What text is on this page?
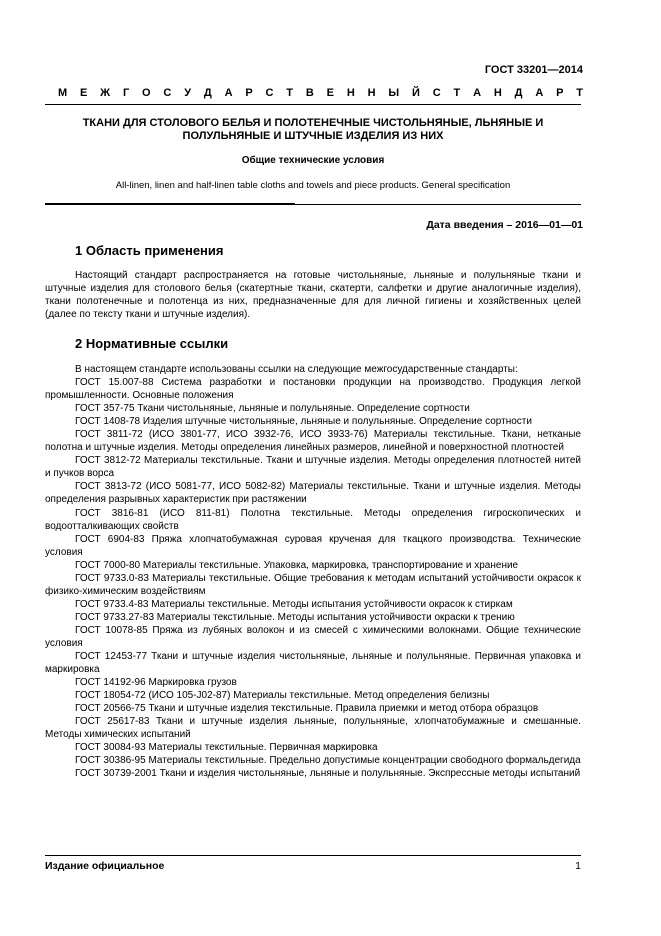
ГОСТ 33201—2014
М Е Ж Г О С У Д А Р С Т В Е Н Н Ы Й С Т А Н Д А Р Т
ТКАНИ ДЛЯ СТОЛОВОГО БЕЛЬЯ И ПОЛОТЕНЕЧНЫЕ ЧИСТОЛЬНЯНЫЕ, ЛЬНЯНЫЕ И
ПОЛУЛЬНЯНЫЕ И ШТУЧНЫЕ ИЗДЕЛИЯ ИЗ НИХ
Общие технические условия
All-linen, linen and half-linen table cloths and towels and piece products. General specification
Дата введения – 2016—01—01
1 Область применения
Настоящий стандарт распространяется на готовые чистольняные, льняные и полульняные ткани и штучные изделия для столового белья (скатертные ткани, скатерти, салфетки и другие аналогичные изделия), ткани полотенечные и полотенца из них, предназначенные для для личной гигиены и хозяйственных целей (далее по тексту ткани и штучные изделия).
2 Нормативные ссылки

В настоящем стандарте использованы ссылки на следующие межгосударственные стандарты:

ГОСТ 15.007-88 Система разработки и постановки продукции на производство. Продукция легкой промышленности. Основные положения

ГОСТ 357-75 Ткани чистольняные, льняные и полульняные. Определение сортности

ГОСТ 1408-78 Изделия штучные чистольняные, льняные и полульняные. Определение сортности

ГОСТ 3811-72 (ИСО 3801-77, ИСО 3932-76, ИСО 3933-76) Материалы текстильные. Ткани, нетканые полотна и штучные изделия. Методы определения линейных размеров, линейной и поверхностной плотностей

ГОСТ 3812-72 Материалы текстильные. Ткани и штучные изделия. Методы определения плотностей нитей и пучков ворса

ГОСТ 3813-72 (ИСО 5081-77, ИСО 5082-82) Материалы текстильные. Ткани и штучные изделия. Методы определения разрывных характеристик при растяжении

ГОСТ 3816-81 (ИСО 811-81) Полотна текстильные. Методы определения гигроскопических и водоотталкивающих свойств

ГОСТ 6904-83 Пряжа хлопчатобумажная суровая крученая для ткацкого производства. Технические условия

ГОСТ 7000-80 Материалы текстильные. Упаковка, маркировка, транспортирование и хранение

ГОСТ 9733.0-83 Материалы текстильные. Общие требования к методам испытаний устойчивости окрасок к физико-химическим воздействиям

ГОСТ 9733.4-83 Материалы текстильные. Методы испытания устойчивости окрасок к стиркам

ГОСТ 9733.27-83 Материалы текстильные. Методы испытания устойчивости окраски к трению

ГОСТ 10078-85 Пряжа из лубяных волокон и из смесей с химическими волокнами. Общие технические условия

ГОСТ 12453-77 Ткани и штучные изделия чистольняные, льняные и полульняные. Первичная упаковка и маркировка

ГОСТ 14192-96 Маркировка грузов

ГОСТ 18054-72 (ИСО 105-J02-87) Материалы текстильные. Метод определения белизны

ГОСТ 20566-75 Ткани и штучные изделия текстильные. Правила приемки и метод отбора образцов

ГОСТ 25617-83 Ткани и штучные изделия льняные, полульняные, хлопчатобумажные и смешанные. Методы химических испытаний

ГОСТ 30084-93 Материалы текстильные. Первичная маркировка

ГОСТ 30386-95 Материалы текстильные. Предельно допустимые концентрации свободного формальдегида

ГОСТ 30739-2001 Ткани и изделия чистольняные, льняные и полульняные. Экспрессные методы испытаний

Издание официальное	1
